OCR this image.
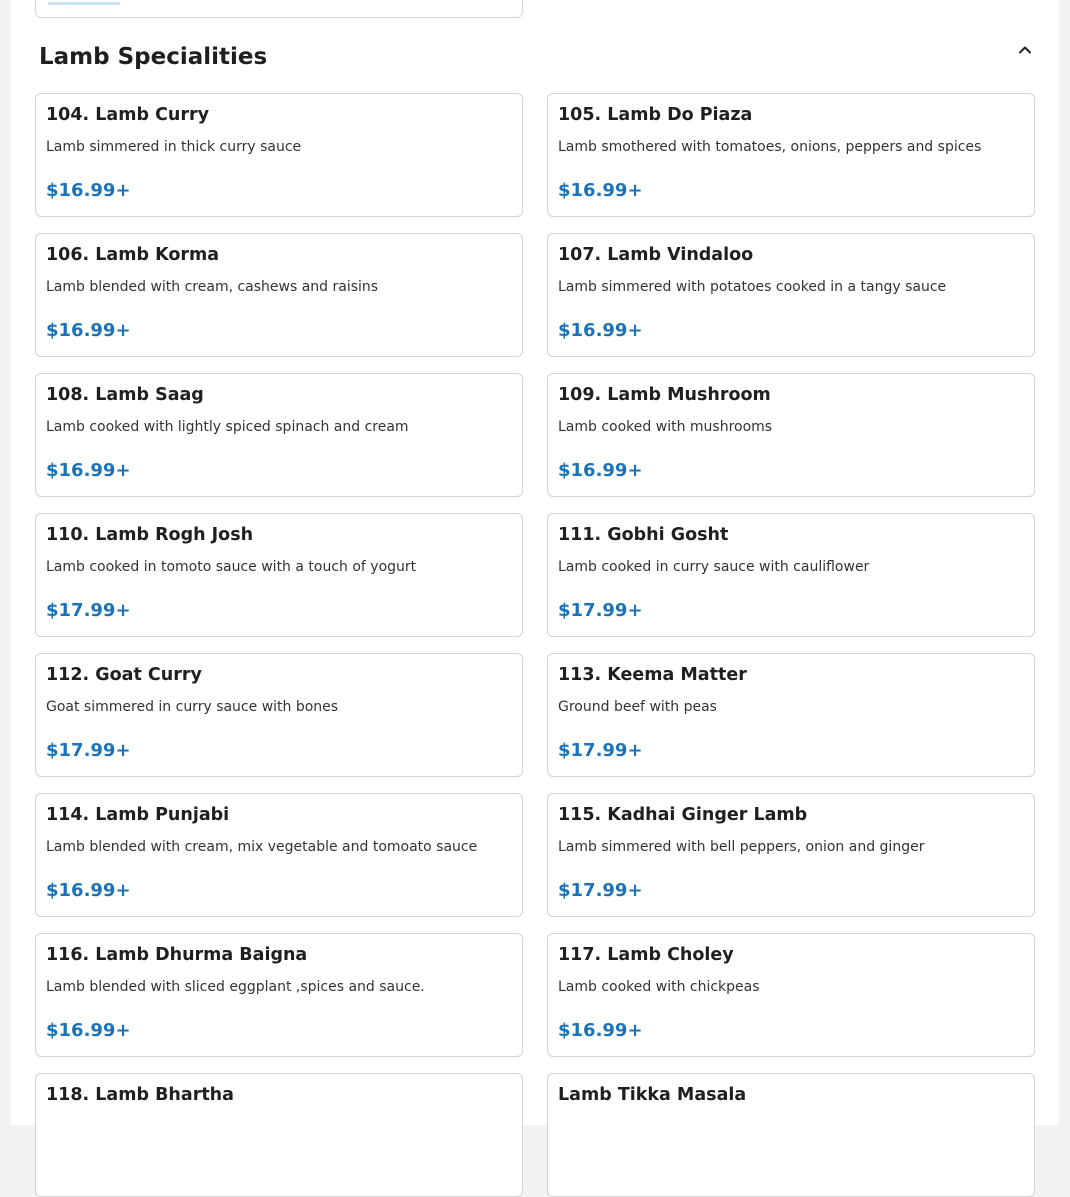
Lamb Specialities
104. Lamb Curry
Lamb simmered in thick curry sauce
$16.99+
105. Lamb Do Piaza
Lamb smothered with tomatoes, onions, peppers and spices
$16.99+
106. Lamb Korma
Lamb blended with cream, cashews and raisins
$16.99+
107. Lamb Vindaloo
Lamb simmered with potatoes cooked in a tangy sauce
$16.99+
108. Lamb Saag
Lamb cooked with lightly spiced spinach and cream
$16.99+
109. Lamb Mushroom
Lamb cooked with mushrooms
$16.99+
110. Lamb Rogh Josh
Lamb cooked in tomoto sauce with a touch of yogurt
$17.99+
111. Gobhi Gosht
Lamb cooked in curry sauce with cauliflower
$17.99+
112. Goat Curry
Goat simmered in curry sauce with bones
$17.99+
113. Keema Matter
Ground beef with peas
$17.99+
114. Lamb Punjabi
Lamb blended with cream, mix vegetable and tomoato sauce
$16.99+
115. Kadhai Ginger Lamb
Lamb simmered with bell peppers, onion and ginger
$17.99+
116. Lamb Dhurma Baigna
Lamb blended with sliced eggplant ,spices and sauce.
$16.99+
117. Lamb Choley
Lamb cooked with chickpeas
$16.99+
118. Lamb Bhartha	Lamb Tikka Masala
